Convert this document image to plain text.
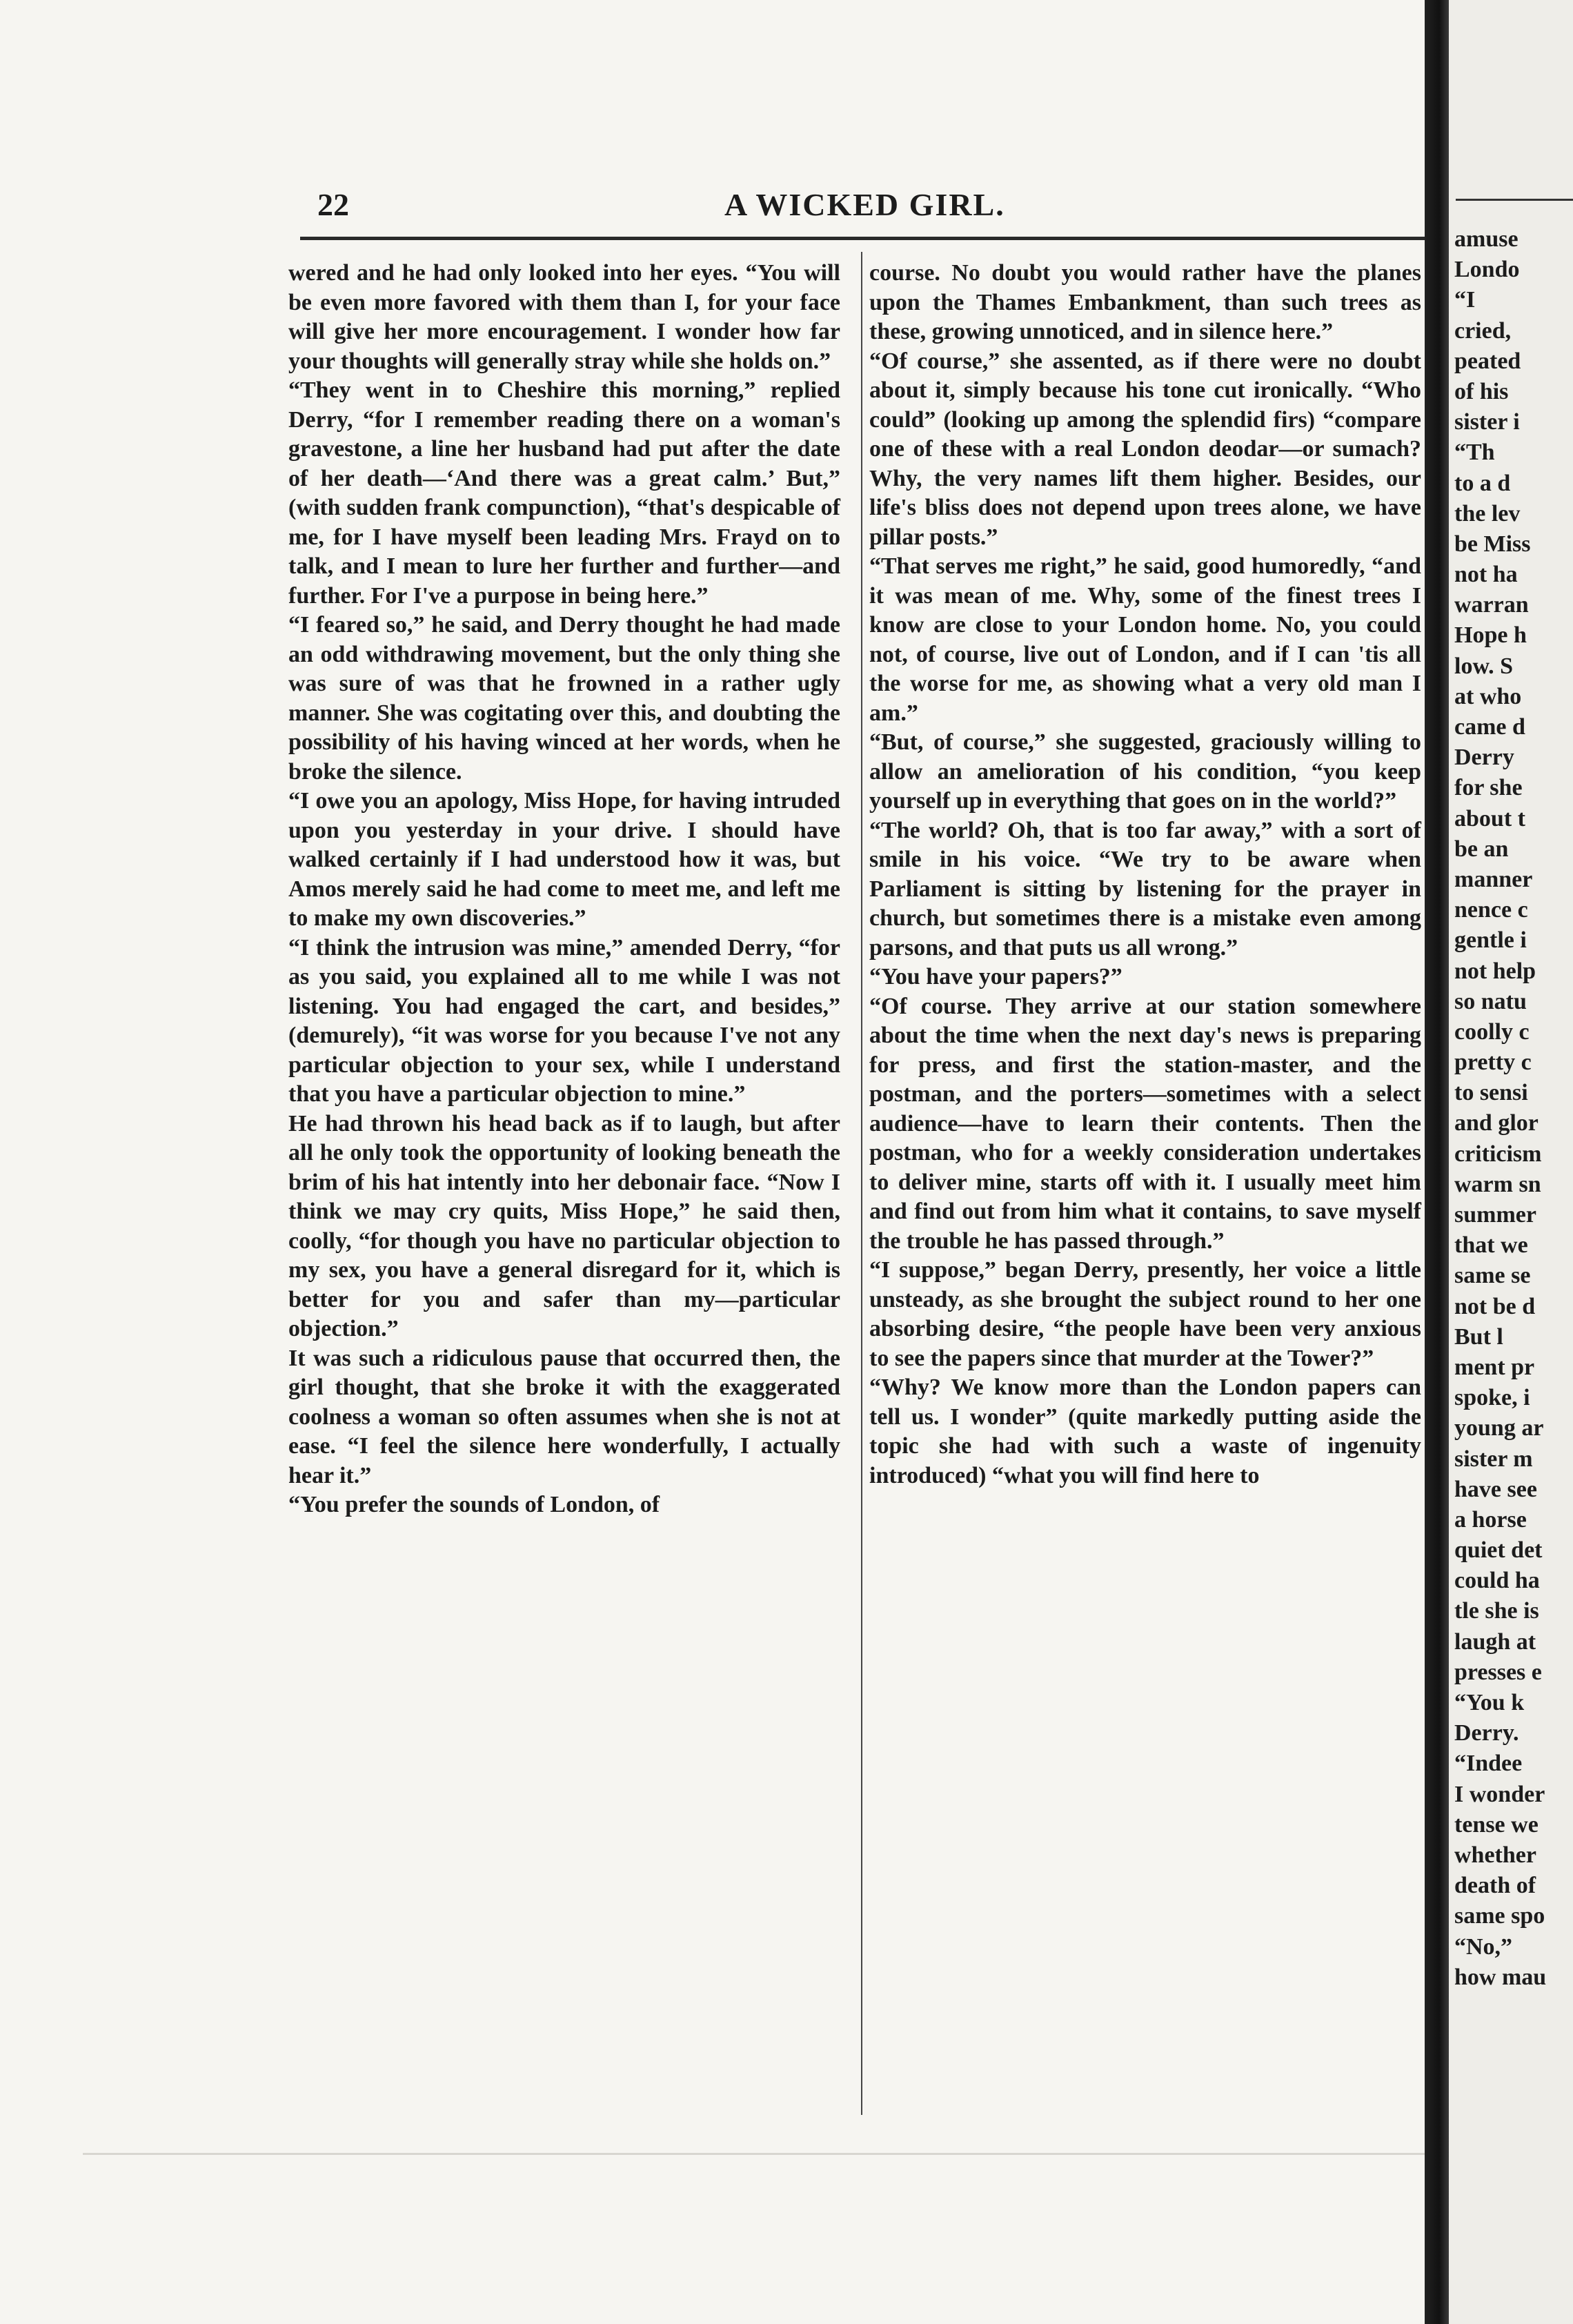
22	A WICKED GIRL.

wered and he had only looked into her eyes. “You will be even more favored with them than I, for your face will give her more encouragement. I wonder how far your thoughts will generally stray while she holds on.”

“They went in to Cheshire this morning,” replied Derry, “for I remember reading there on a woman's gravestone, a line her husband had put after the date of her death—‘And there was a great calm.’ But,” (with sudden frank compunction), “that's despicable of me, for I have myself been leading Mrs. Frayd on to talk, and I mean to lure her further and further—and further. For I've a purpose in being here.”

“I feared so,” he said, and Derry thought he had made an odd withdrawing movement, but the only thing she was sure of was that he frowned in a rather ugly manner. She was cogitating over this, and doubting the possibility of his having winced at her words, when he broke the silence.

“I owe you an apology, Miss Hope, for having intruded upon you yesterday in your drive. I should have walked certainly if I had understood how it was, but Amos merely said he had come to meet me, and left me to make my own discoveries.”

“I think the intrusion was mine,” amended Derry, “for as you said, you explained all to me while I was not listening. You had engaged the cart, and besides,” (demurely), “it was worse for you because I've not any particular objection to your sex, while I understand that you have a particular objection to mine.”

He had thrown his head back as if to laugh, but after all he only took the opportunity of looking beneath the brim of his hat intently into her debonair face. “Now I think we may cry quits, Miss Hope,” he said then, coolly, “for though you have no particular objection to my sex, you have a general disregard for it, which is better for you and safer than my—particular objection.”

It was such a ridiculous pause that occurred then, the girl thought, that she broke it with the exaggerated coolness a woman so often assumes when she is not at ease. “I feel the silence here wonderfully, I actually hear it.”

“You prefer the sounds of London, of

course. No doubt you would rather have the planes upon the Thames Embankment, than such trees as these, growing unnoticed, and in silence here.”

“Of course,” she assented, as if there were no doubt about it, simply because his tone cut ironically. “Who could” (looking up among the splendid firs) “compare one of these with a real London deodar—or sumach? Why, the very names lift them higher. Besides, our life's bliss does not depend upon trees alone, we have pillar posts.”

“That serves me right,” he said, good humoredly, “and it was mean of me. Why, some of the finest trees I know are close to your London home. No, you could not, of course, live out of London, and if I can 'tis all the worse for me, as showing what a very old man I am.”

“But, of course,” she suggested, graciously willing to allow an amelioration of his condition, “you keep yourself up in everything that goes on in the world?”

“The world? Oh, that is too far away,” with a sort of smile in his voice. “We try to be aware when Parliament is sitting by listening for the prayer in church, but sometimes there is a mistake even among parsons, and that puts us all wrong.”

“You have your papers?”

“Of course. They arrive at our station somewhere about the time when the next day's news is preparing for press, and first the station-master, and the postman, and the porters—sometimes with a select audience—have to learn their contents. Then the postman, who for a weekly consideration undertakes to deliver mine, starts off with it. I usually meet him and find out from him what it contains, to save myself the trouble he has passed through.”

“I suppose,” began Derry, presently, her voice a little unsteady, as she brought the subject round to her one absorbing desire, “the people have been very anxious to see the papers since that murder at the Tower?”

“Why? We know more than the London papers can tell us. I wonder” (quite markedly putting aside the topic she had with such a waste of ingenuity introduced) “what you will find here to

amuse
Londo
“I
cried,
peated
of his
sister i
“Th
to a d
the lev
be Miss
not ha
warran
Hope h
low. S
at who
came d
Derry
for she
about t
be an
manner
nence c
gentle i
not help
so natu
coolly c
pretty c
to sensi
and glor
criticism
warm sn
summer
that we
same se
not be d
But l
ment pr
spoke, i
young ar
sister m
have see
a horse
quiet det
could ha
tle she is
laugh at
presses e
“You k
Derry.
“Indee
I wonder
tense we
whether
death of
same spo
“No,”
how mau
